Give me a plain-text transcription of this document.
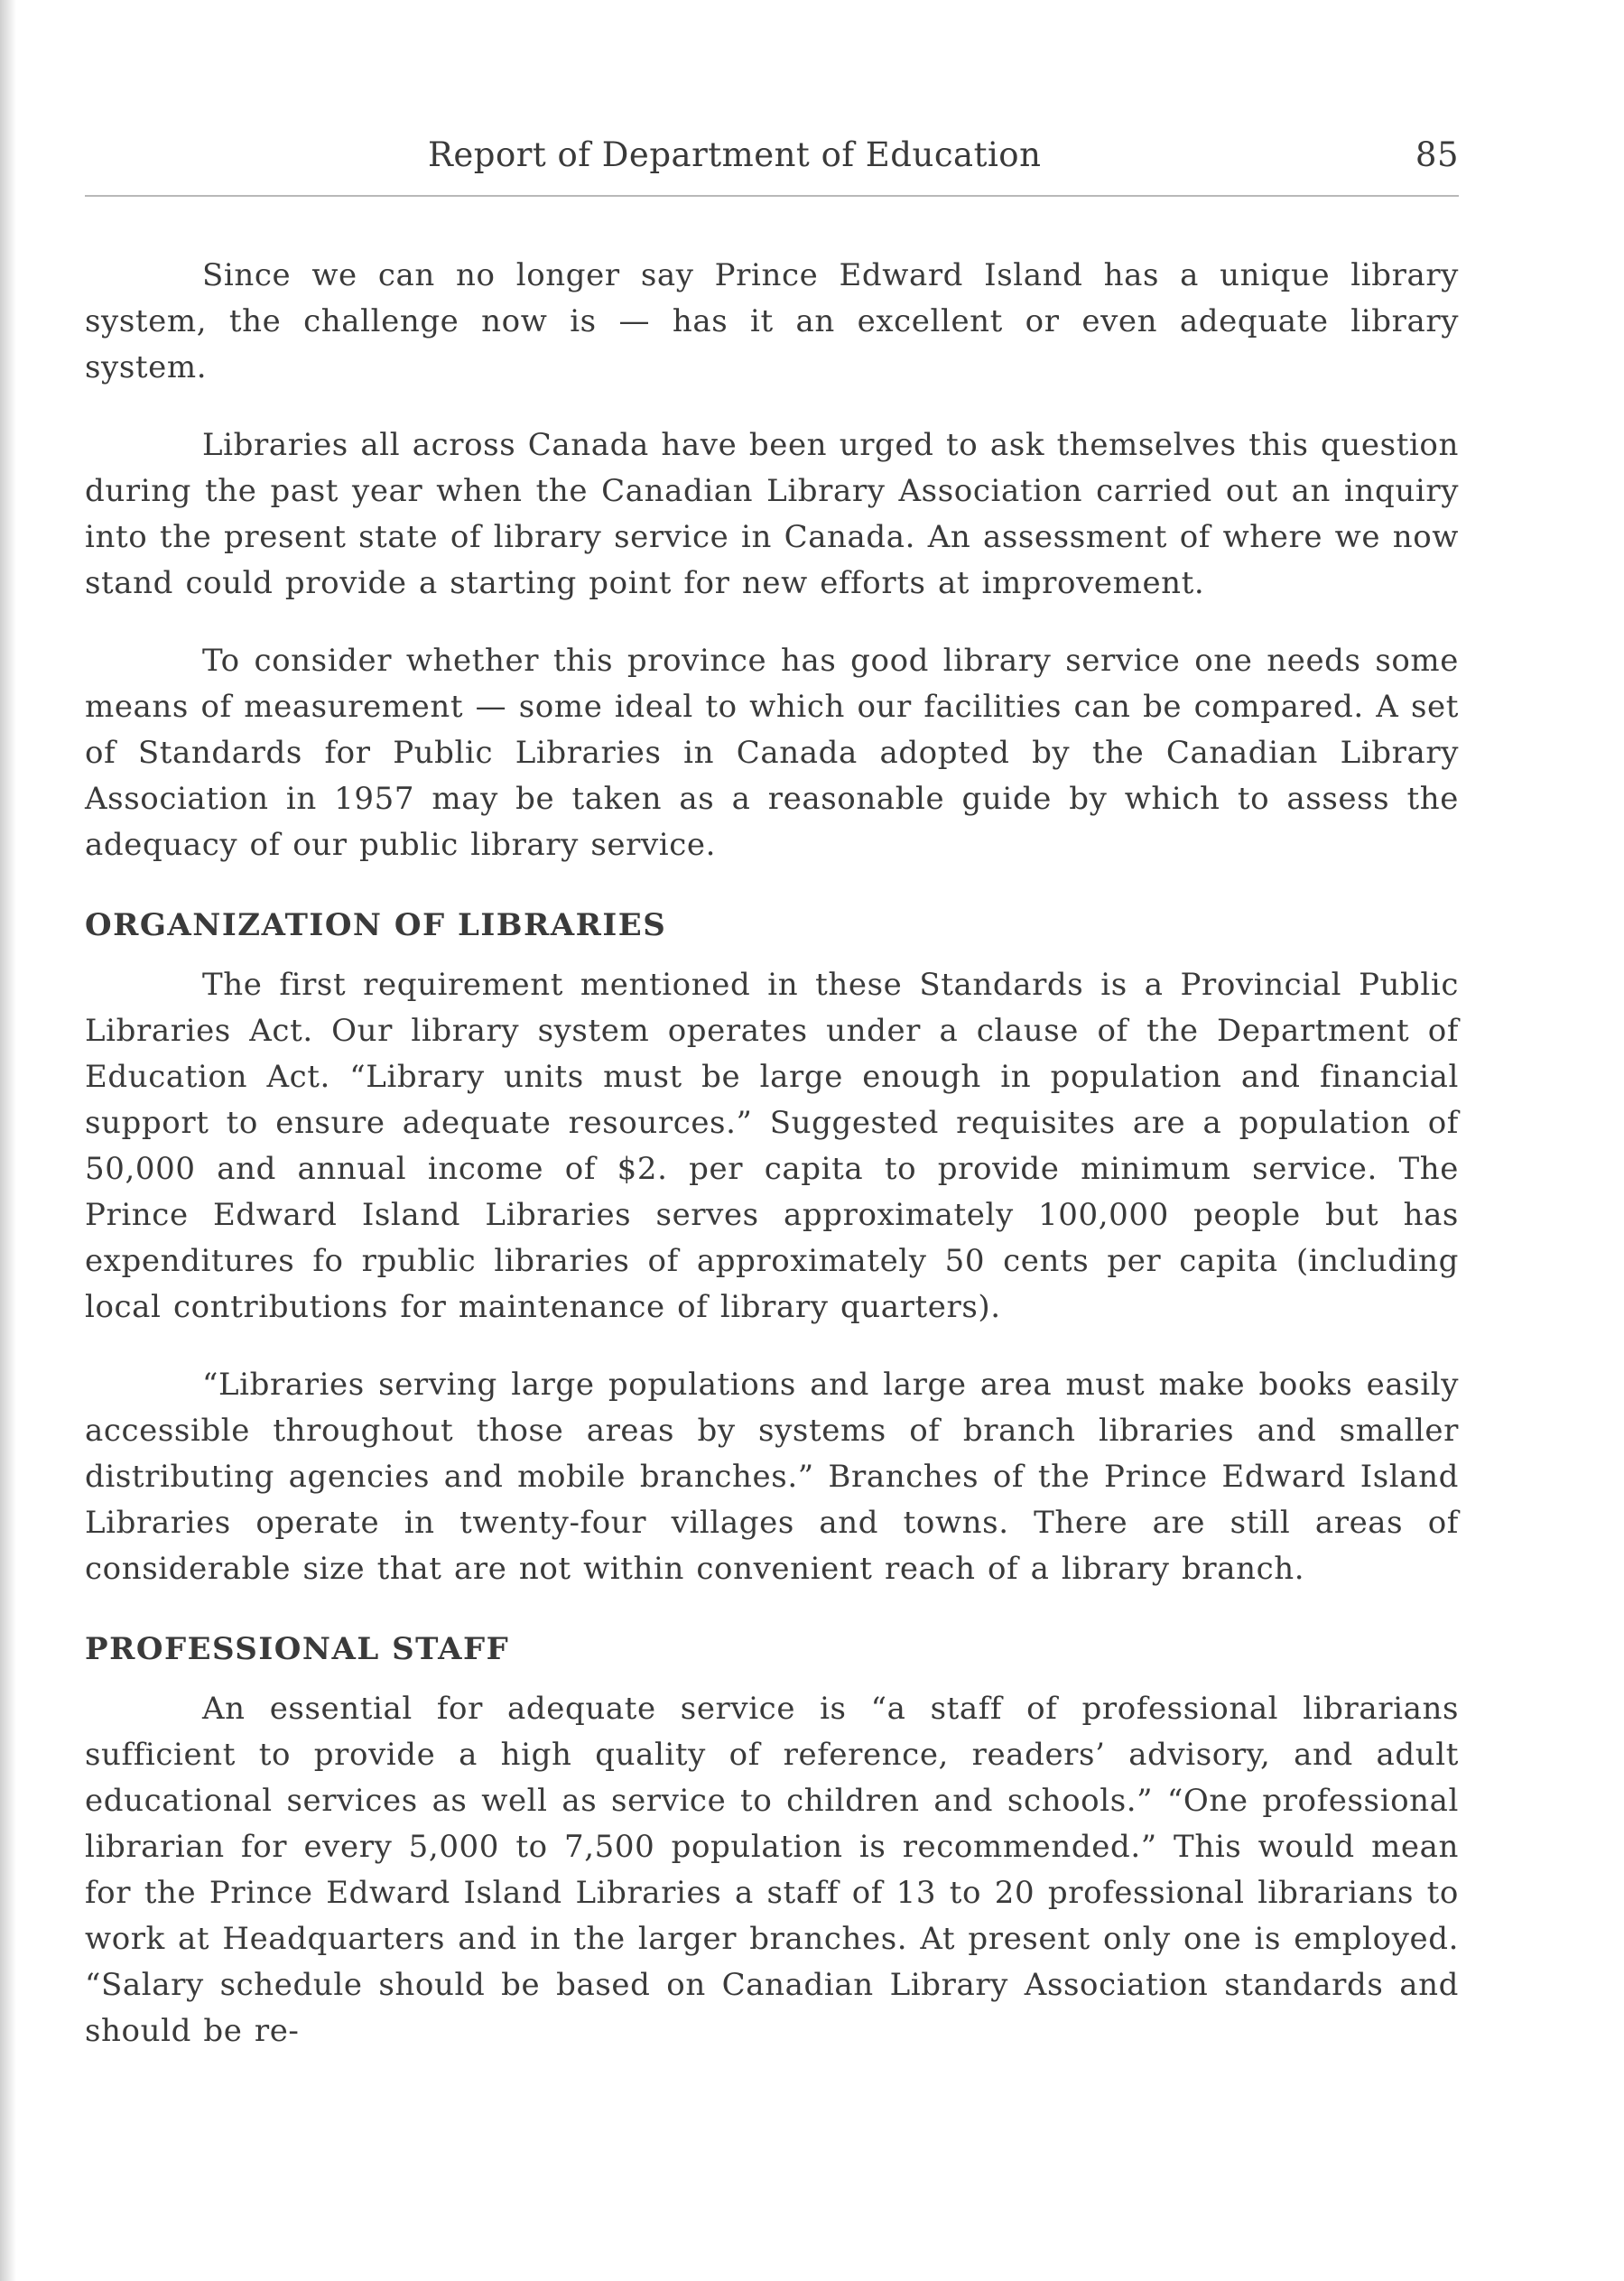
Report of Department of Education	85

Since we can no longer say Prince Edward Island has a unique library system, the challenge now is — has it an excellent or even adequate library system.

Libraries all across Canada have been urged to ask themselves this question during the past year when the Canadian Library Association carried out an inquiry into the present state of library service in Canada. An assessment of where we now stand could provide a starting point for new efforts at improvement.

To consider whether this province has good library service one needs some means of measurement — some ideal to which our facilities can be compared. A set of Standards for Public Libraries in Canada adopted by the Canadian Library Association in 1957 may be taken as a reasonable guide by which to assess the adequacy of our public library service.

ORGANIZATION OF LIBRARIES

The first requirement mentioned in these Standards is a Provincial Public Libraries Act. Our library system operates under a clause of the Department of Education Act. “Library units must be large enough in population and financial support to ensure adequate resources.” Suggested requisites are a population of 50,000 and annual income of $2. per capita to provide minimum service. The Prince Edward Island Libraries serves approximately 100,000 people but has expenditures fo rpublic libraries of approximately 50 cents per capita (including local contributions for maintenance of library quarters).

“Libraries serving large populations and large area must make books easily accessible throughout those areas by systems of branch libraries and smaller distributing agencies and mobile branches.” Branches of the Prince Edward Island Libraries operate in twenty-four villages and towns. There are still areas of considerable size that are not within convenient reach of a library branch.

PROFESSIONAL STAFF

An essential for adequate service is “a staff of professional librarians sufficient to provide a high quality of reference, readers’ advisory, and adult educational services as well as service to children and schools.” “One professional librarian for every 5,000 to 7,500 population is recommended.” This would mean for the Prince Edward Island Libraries a staff of 13 to 20 professional librarians to work at Headquarters and in the larger branches. At present only one is employed. “Salary schedule should be based on Canadian Library Association standards and should be re-
